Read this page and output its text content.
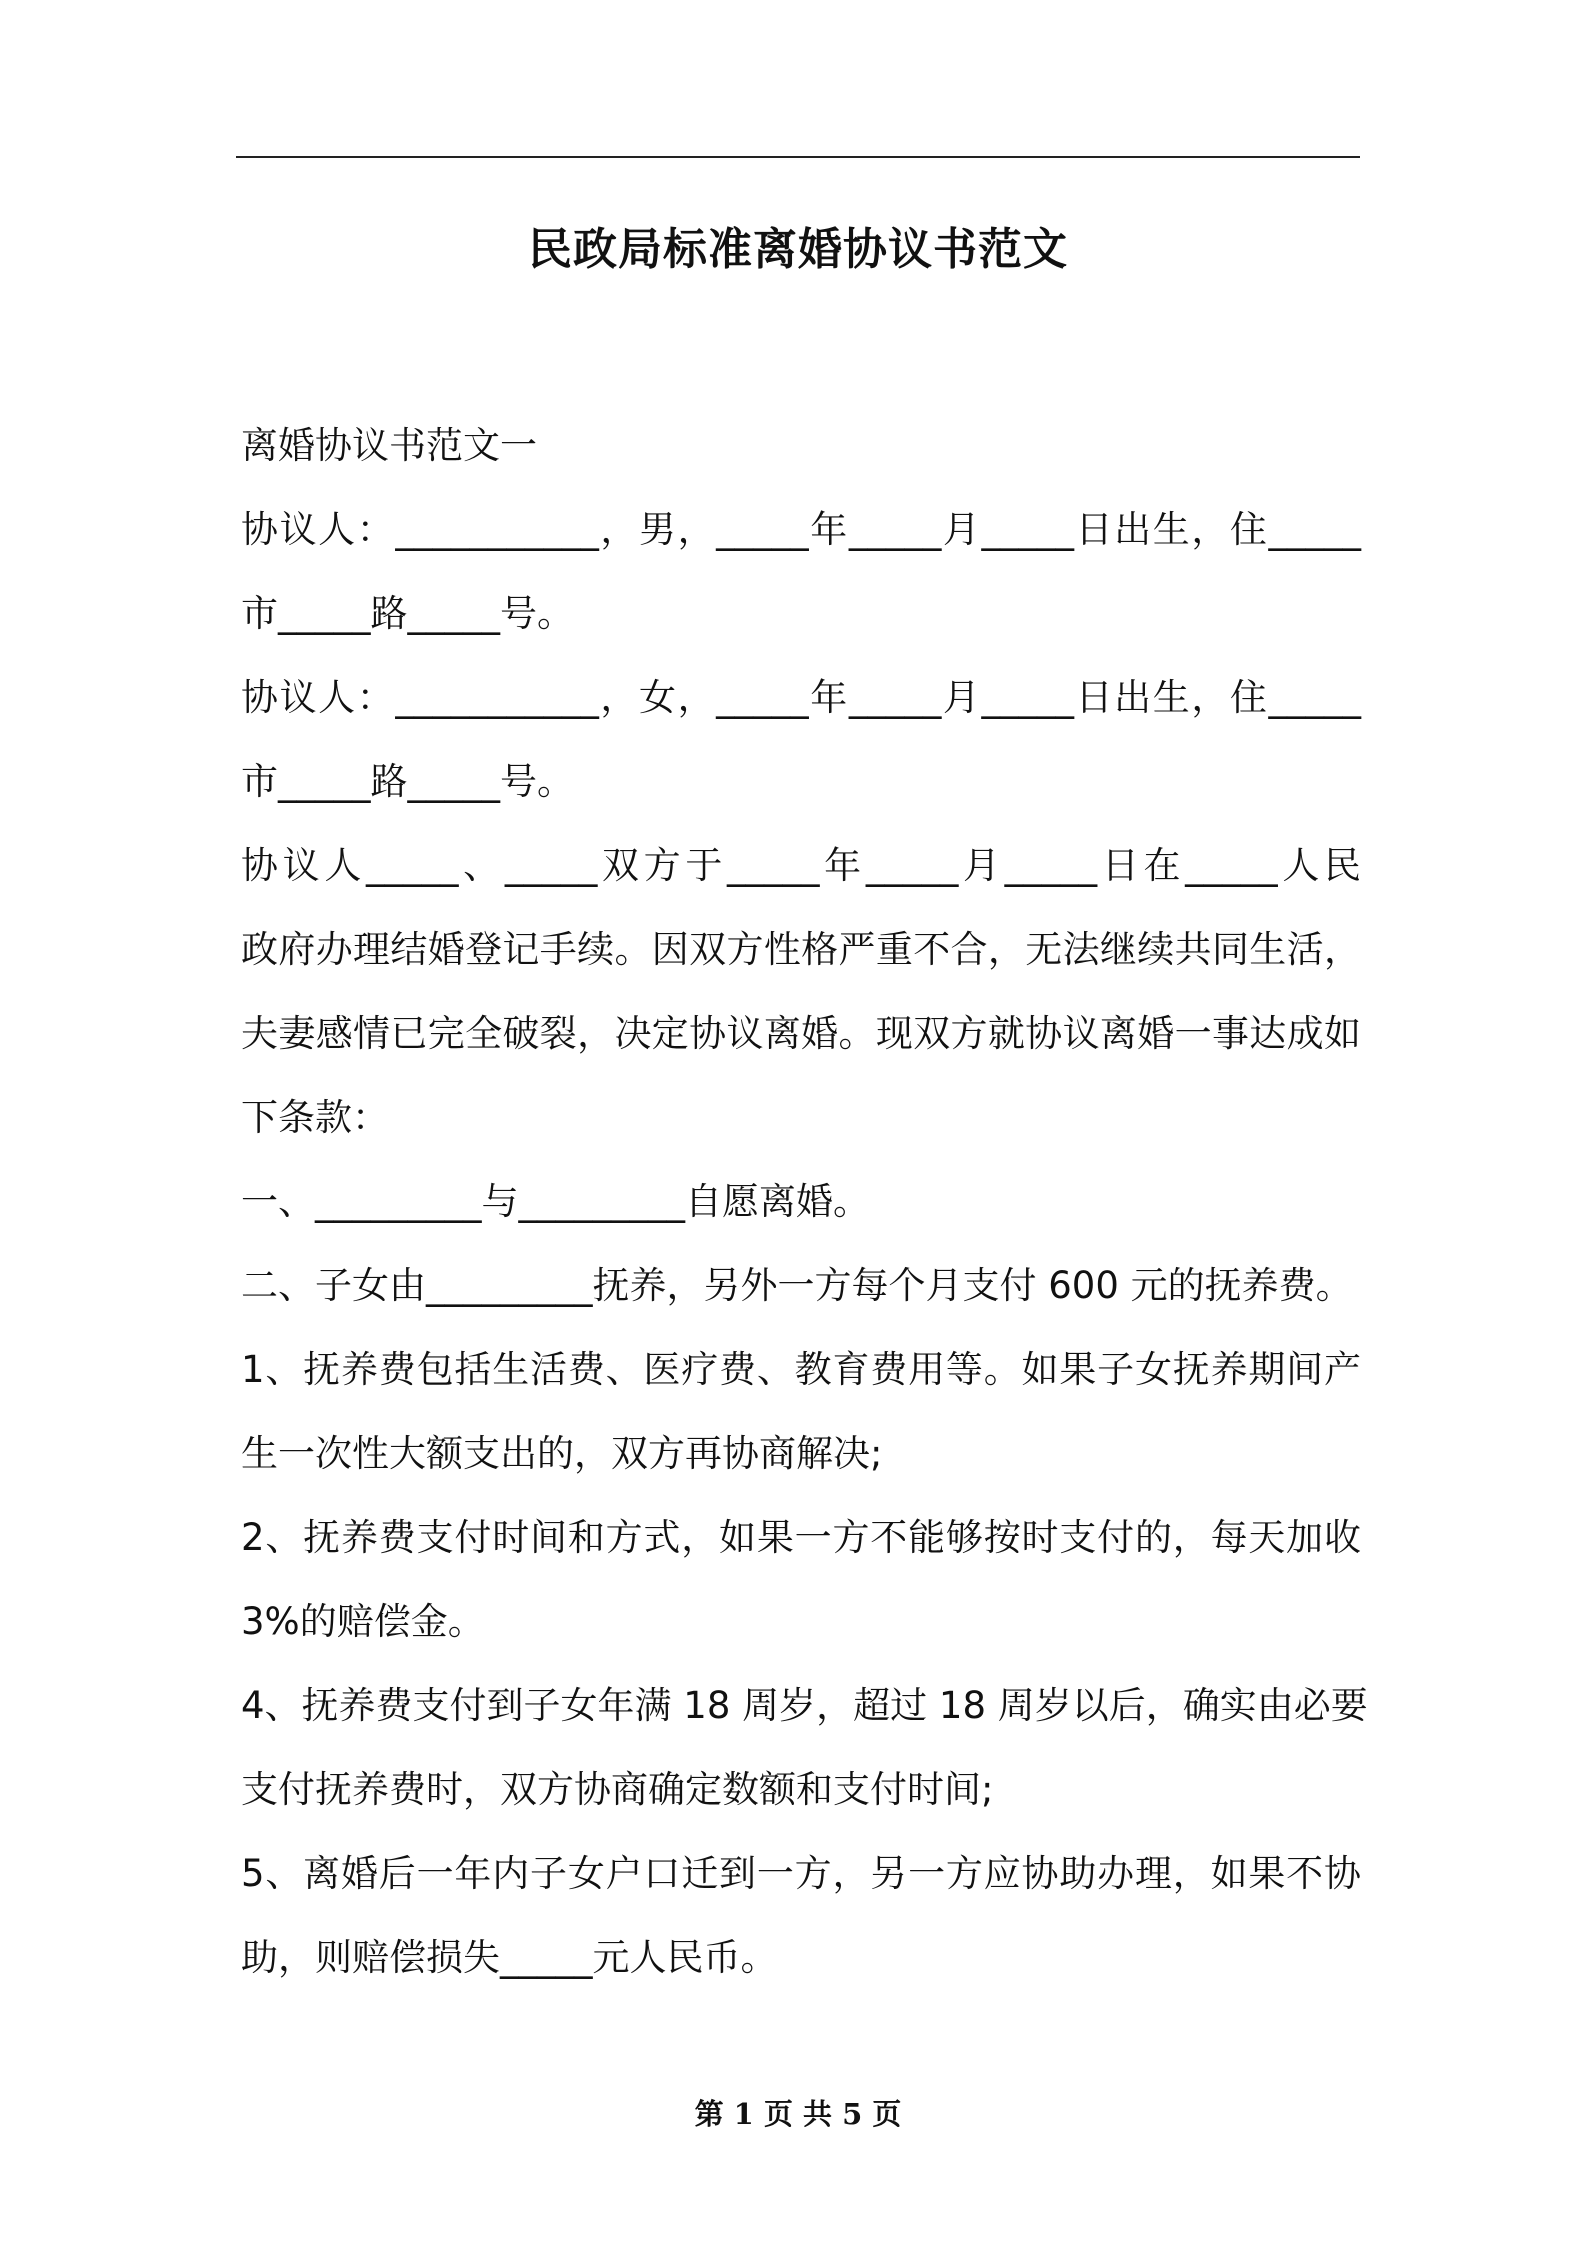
民政局标准离婚协议书范文

离婚协议书范文一

协议人：___________，男，_____年_____月_____日出生，住_____

市_____路_____号。

协议人：___________，女，_____年_____月_____日出生，住_____

市_____路_____号。

协议人_____、_____双方于_____年_____月_____日在_____人民

政府办理结婚登记手续。因双方性格严重不合，无法继续共同生活，

夫妻感情已完全破裂，决定协议离婚。现双方就协议离婚一事达成如

下条款：

一、_________与_________自愿离婚。

二、子女由_________抚养，另外一方每个月支付 600 元的抚养费。

1、抚养费包括生活费、医疗费、教育费用等。如果子女抚养期间产

生一次性大额支出的，双方再协商解决;

2、抚养费支付时间和方式，如果一方不能够按时支付的，每天加收

3%的赔偿金。

4、抚养费支付到子女年满 18 周岁，超过 18 周岁以后，确实由必要

支付抚养费时，双方协商确定数额和支付时间;

5、离婚后一年内子女户口迁到一方，另一方应协助办理，如果不协

助，则赔偿损失_____元人民币。

第 1 页 共 5 页
